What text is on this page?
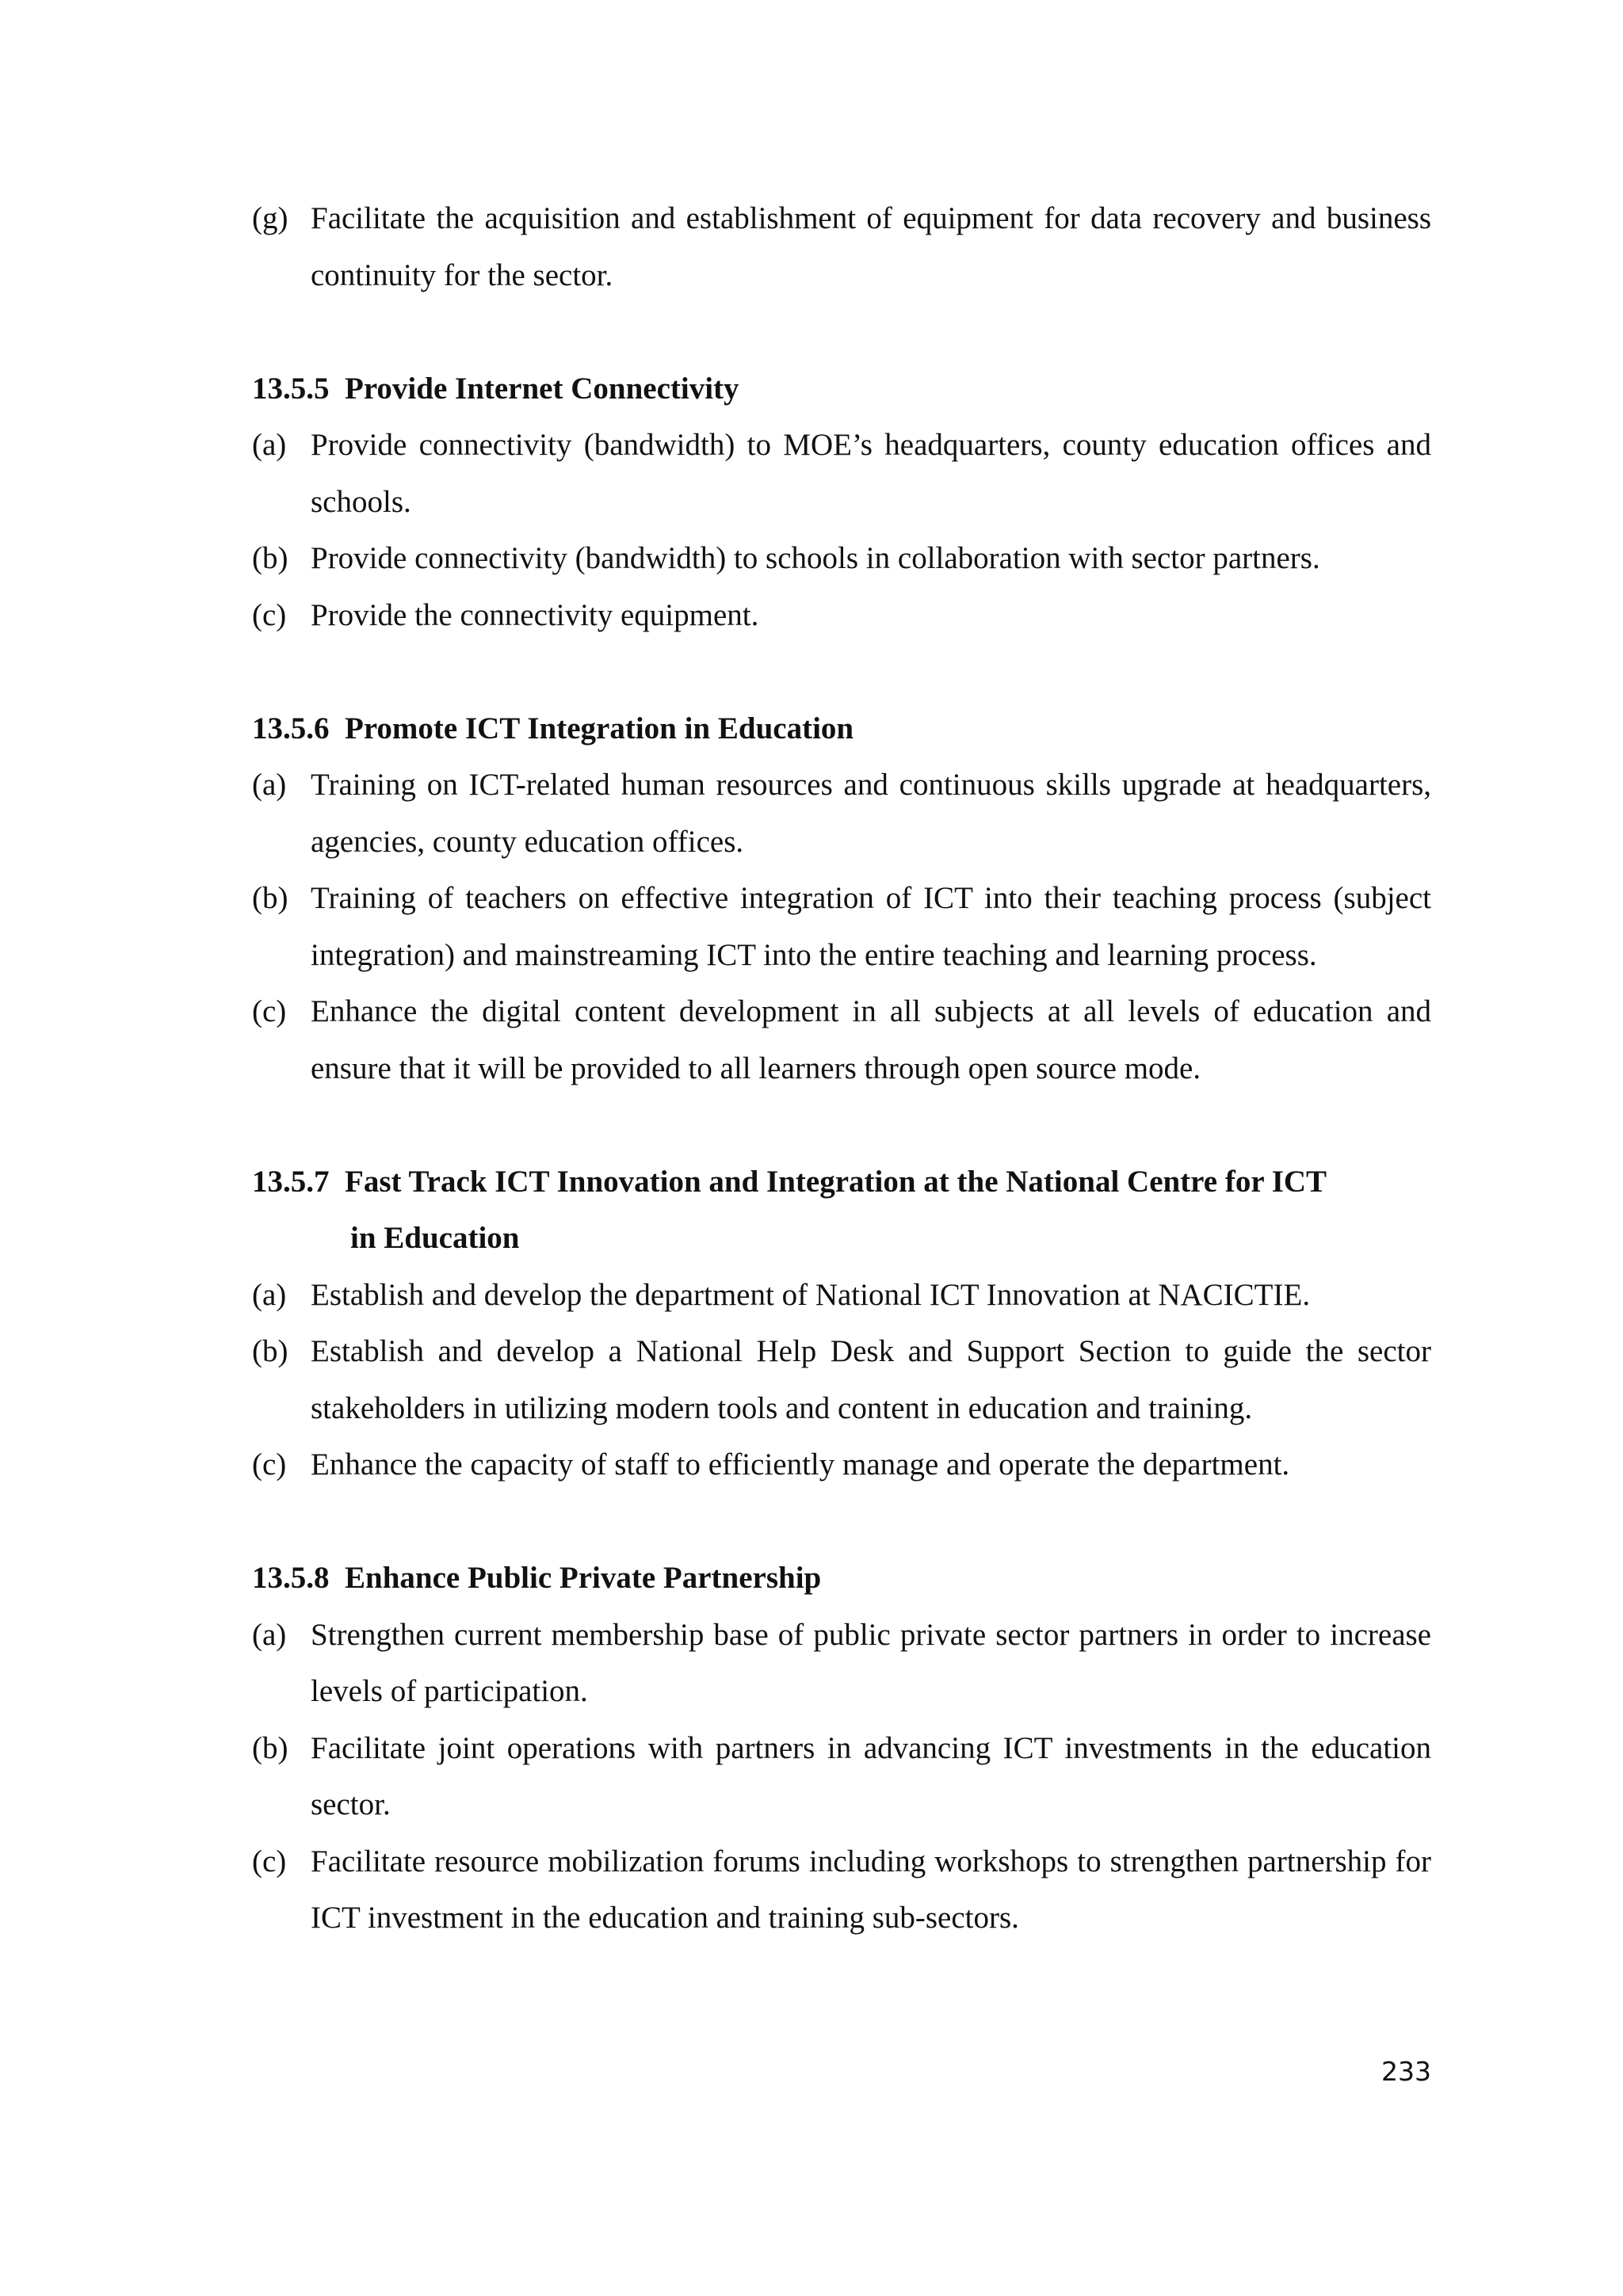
(g) Facilitate the acquisition and establishment of equipment for data recovery and business continuity for the sector.
13.5.5 Provide Internet Connectivity
(a) Provide connectivity (bandwidth) to MOE’s headquarters, county education offices and schools.
(b) Provide connectivity (bandwidth) to schools in collaboration with sector partners.
(c) Provide the connectivity equipment.
13.5.6 Promote ICT Integration in Education
(a) Training on ICT-related human resources and continuous skills upgrade at headquarters, agencies, county education offices.
(b) Training of teachers on effective integration of ICT into their teaching process (subject integration) and mainstreaming ICT into the entire teaching and learning process.
(c) Enhance the digital content development in all subjects at all levels of education and ensure that it will be provided to all learners through open source mode.
13.5.7 Fast Track ICT Innovation and Integration at the National Centre for ICT
in Education
(a) Establish and develop the department of National ICT Innovation at NACICTIE.
(b) Establish and develop a National Help Desk and Support Section to guide the sector stakeholders in utilizing modern tools and content in education and training.
(c) Enhance the capacity of staff to efficiently manage and operate the department.
13.5.8 Enhance Public Private Partnership
(a) Strengthen current membership base of public private sector partners in order to increase levels of participation.
(b) Facilitate joint operations with partners in advancing ICT investments in the education sector.
(c) Facilitate resource mobilization forums including workshops to strengthen partnership for ICT investment in the education and training sub-sectors.
233
